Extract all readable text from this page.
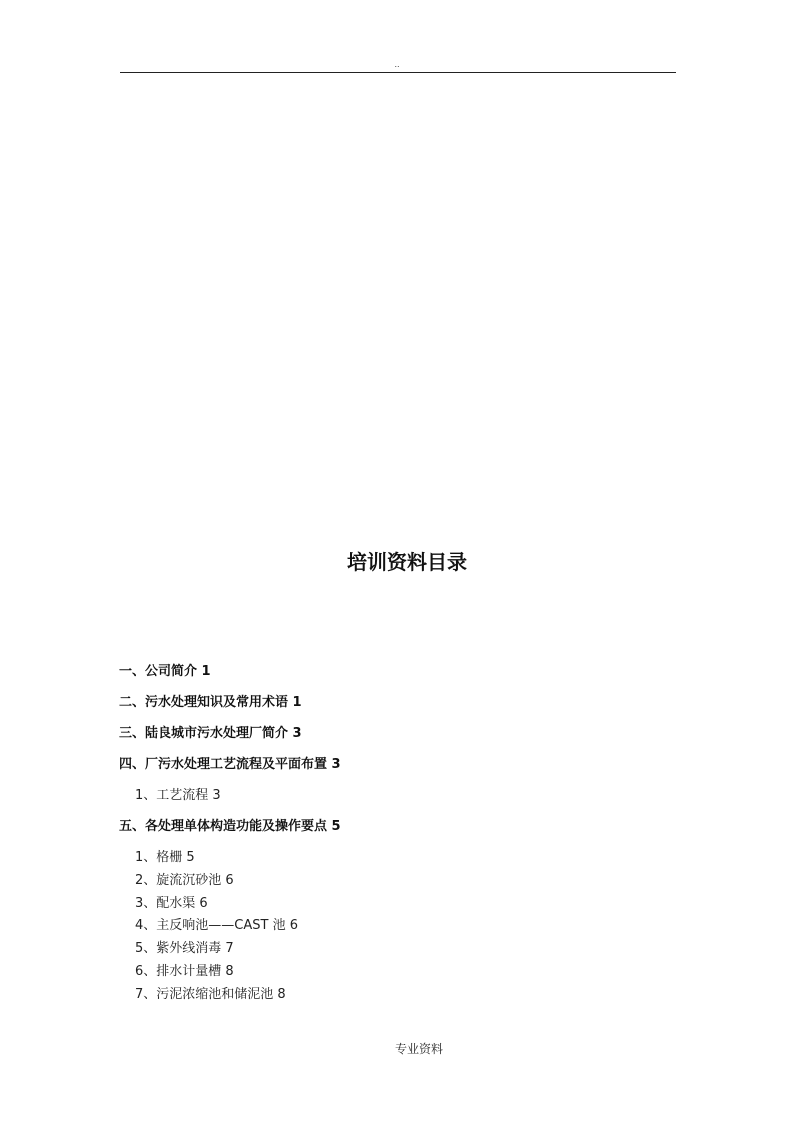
..
培训资料目录
一、公司简介 1
二、污水处理知识及常用术语 1
三、陆良城市污水处理厂简介 3
四、厂污水处理工艺流程及平面布置 3
1、工艺流程 3
五、各处理单体构造功能及操作要点 5
1、格栅 5
2、旋流沉砂池 6
3、配水渠 6
4、主反响池——CAST 池 6
5、紫外线消毒 7
6、排水计量槽 8
7、污泥浓缩池和储泥池 8
专业资料
